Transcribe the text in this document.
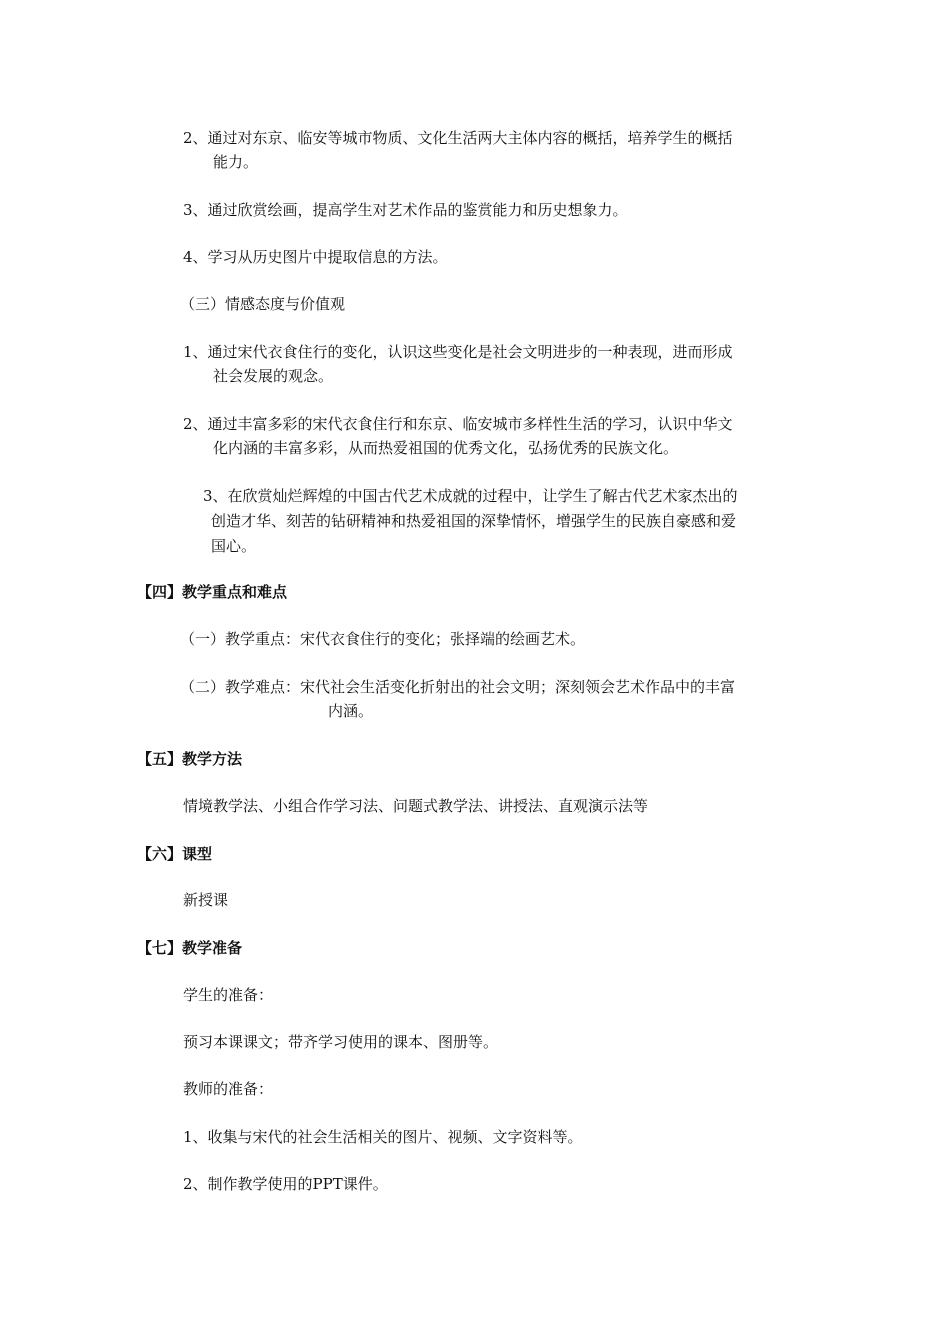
2、通过对东京、临安等城市物质、文化生活两大主体内容的概括，培养学生的概括
能力。
3、通过欣赏绘画，提高学生对艺术作品的鉴赏能力和历史想象力。
4、学习从历史图片中提取信息的方法。
（三）情感态度与价值观
1、通过宋代衣食住行的变化，认识这些变化是社会文明进步的一种表现，进而形成
社会发展的观念。
2、通过丰富多彩的宋代衣食住行和东京、临安城市多样性生活的学习，认识中华文
化内涵的丰富多彩，从而热爱祖国的优秀文化，弘扬优秀的民族文化。
3、在欣赏灿烂辉煌的中国古代艺术成就的过程中，让学生了解古代艺术家杰出的
创造才华、刻苦的钻研精神和热爱祖国的深挚情怀，增强学生的民族自豪感和爱
国心。
【四】教学重点和难点
（一）教学重点：宋代衣食住行的变化；张择端的绘画艺术。
（二）教学难点：宋代社会生活变化折射出的社会文明；深刻领会艺术作品中的丰富
内涵。
【五】教学方法
情境教学法、小组合作学习法、问题式教学法、讲授法、直观演示法等
【六】课型
新授课
【七】教学准备
学生的准备：
预习本课课文；带齐学习使用的课本、图册等。
教师的准备：
1、收集与宋代的社会生活相关的图片、视频、文字资料等。
2、制作教学使用的PPT课件。
